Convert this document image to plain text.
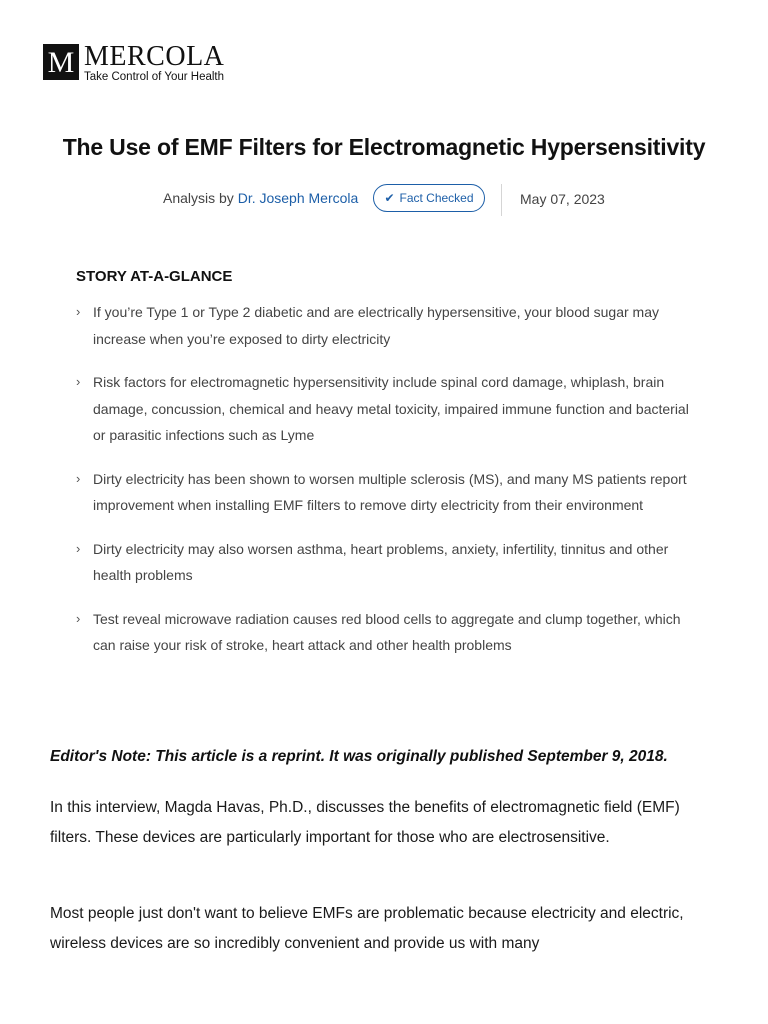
M MERCOLA
Take Control of Your Health
The Use of EMF Filters for Electromagnetic Hypersensitivity
Analysis by Dr. Joseph Mercola ✔ Fact Checked	May 07, 2023
STORY AT-A-GLANCE
› If you’re Type 1 or Type 2 diabetic and are electrically hypersensitive, your blood sugar may increase when you’re exposed to dirty electricity
› Risk factors for electromagnetic hypersensitivity include spinal cord damage, whiplash, brain damage, concussion, chemical and heavy metal toxicity, impaired immune function and bacterial or parasitic infections such as Lyme
› Dirty electricity has been shown to worsen multiple sclerosis (MS), and many MS patients report improvement when installing EMF filters to remove dirty electricity from their environment
› Dirty electricity may also worsen asthma, heart problems, anxiety, infertility, tinnitus and other health problems
› Test reveal microwave radiation causes red blood cells to aggregate and clump together, which can raise your risk of stroke, heart attack and other health problems
Editor's Note: This article is a reprint. It was originally published September 9, 2018.

In this interview, Magda Havas, Ph.D., discusses the benefits of electromagnetic field (EMF) filters. These devices are particularly important for those who are electrosensitive.

Most people just don't want to believe EMFs are problematic because electricity and electric, wireless devices are so incredibly convenient and provide us with many
